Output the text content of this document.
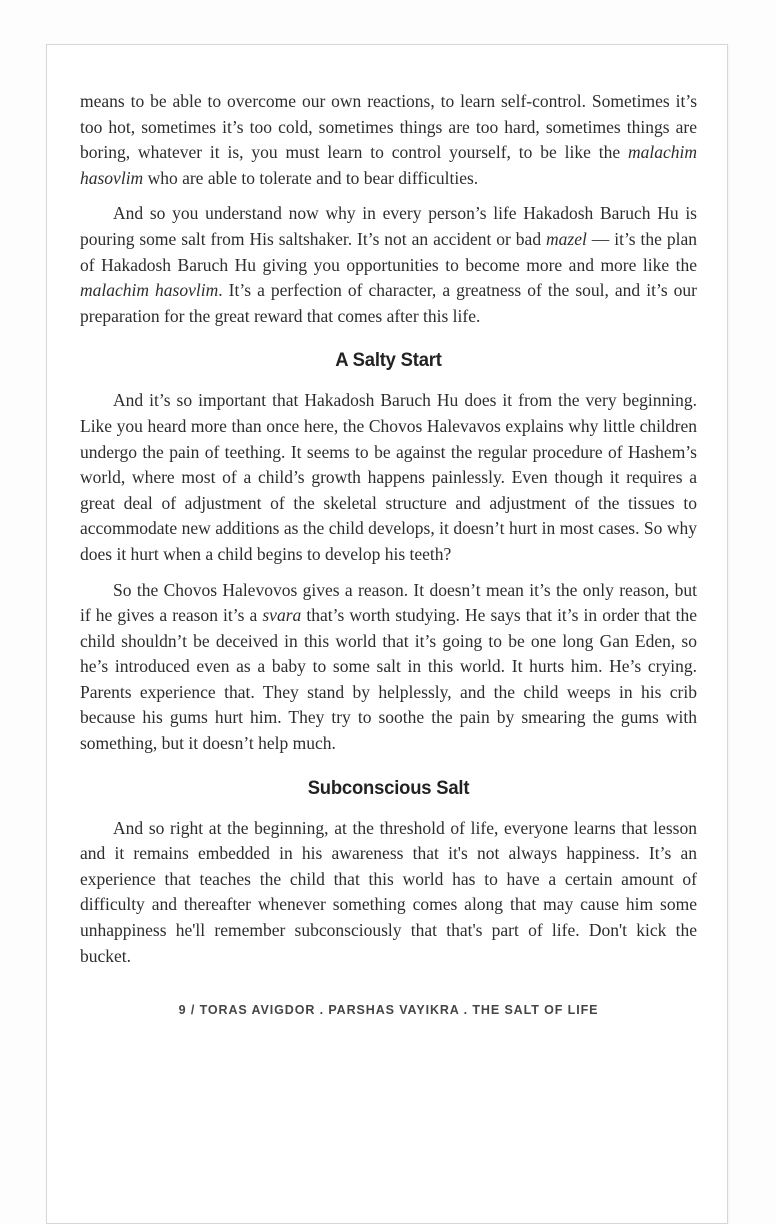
means to be able to overcome our own reactions, to learn self-control. Sometimes it’s too hot, sometimes it’s too cold, sometimes things are too hard, sometimes things are boring, whatever it is, you must learn to control yourself, to be like the malachim hasovlim who are able to tolerate and to bear difficulties.

And so you understand now why in every person’s life Hakadosh Baruch Hu is pouring some salt from His saltshaker. It’s not an accident or bad mazel — it’s the plan of Hakadosh Baruch Hu giving you opportunities to become more and more like the malachim hasovlim. It’s a perfection of character, a greatness of the soul, and it’s our preparation for the great reward that comes after this life.

A Salty Start

And it’s so important that Hakadosh Baruch Hu does it from the very beginning. Like you heard more than once here, the Chovos Halevavos explains why little children undergo the pain of teething. It seems to be against the regular procedure of Hashem’s world, where most of a child’s growth happens painlessly. Even though it requires a great deal of adjustment of the skeletal structure and adjustment of the tissues to accommodate new additions as the child develops, it doesn’t hurt in most cases. So why does it hurt when a child begins to develop his teeth?

So the Chovos Halevovos gives a reason. It doesn’t mean it’s the only reason, but if he gives a reason it’s a svara that’s worth studying. He says that it’s in order that the child shouldn’t be deceived in this world that it’s going to be one long Gan Eden, so he’s introduced even as a baby to some salt in this world. It hurts him. He’s crying. Parents experience that. They stand by helplessly, and the child weeps in his crib because his gums hurt him. They try to soothe the pain by smearing the gums with something, but it doesn’t help much.

Subconscious Salt

And so right at the beginning, at the threshold of life, everyone learns that lesson and it remains embedded in his awareness that it's not always happiness. It’s an experience that teaches the child that this world has to have a certain amount of difficulty and thereafter whenever something comes along that may cause him some unhappiness he'll remember subconsciously that that's part of life. Don't kick the bucket.

9 / TORAS AVIGDOR . PARSHAS VAYIKRA . THE SALT OF LIFE
